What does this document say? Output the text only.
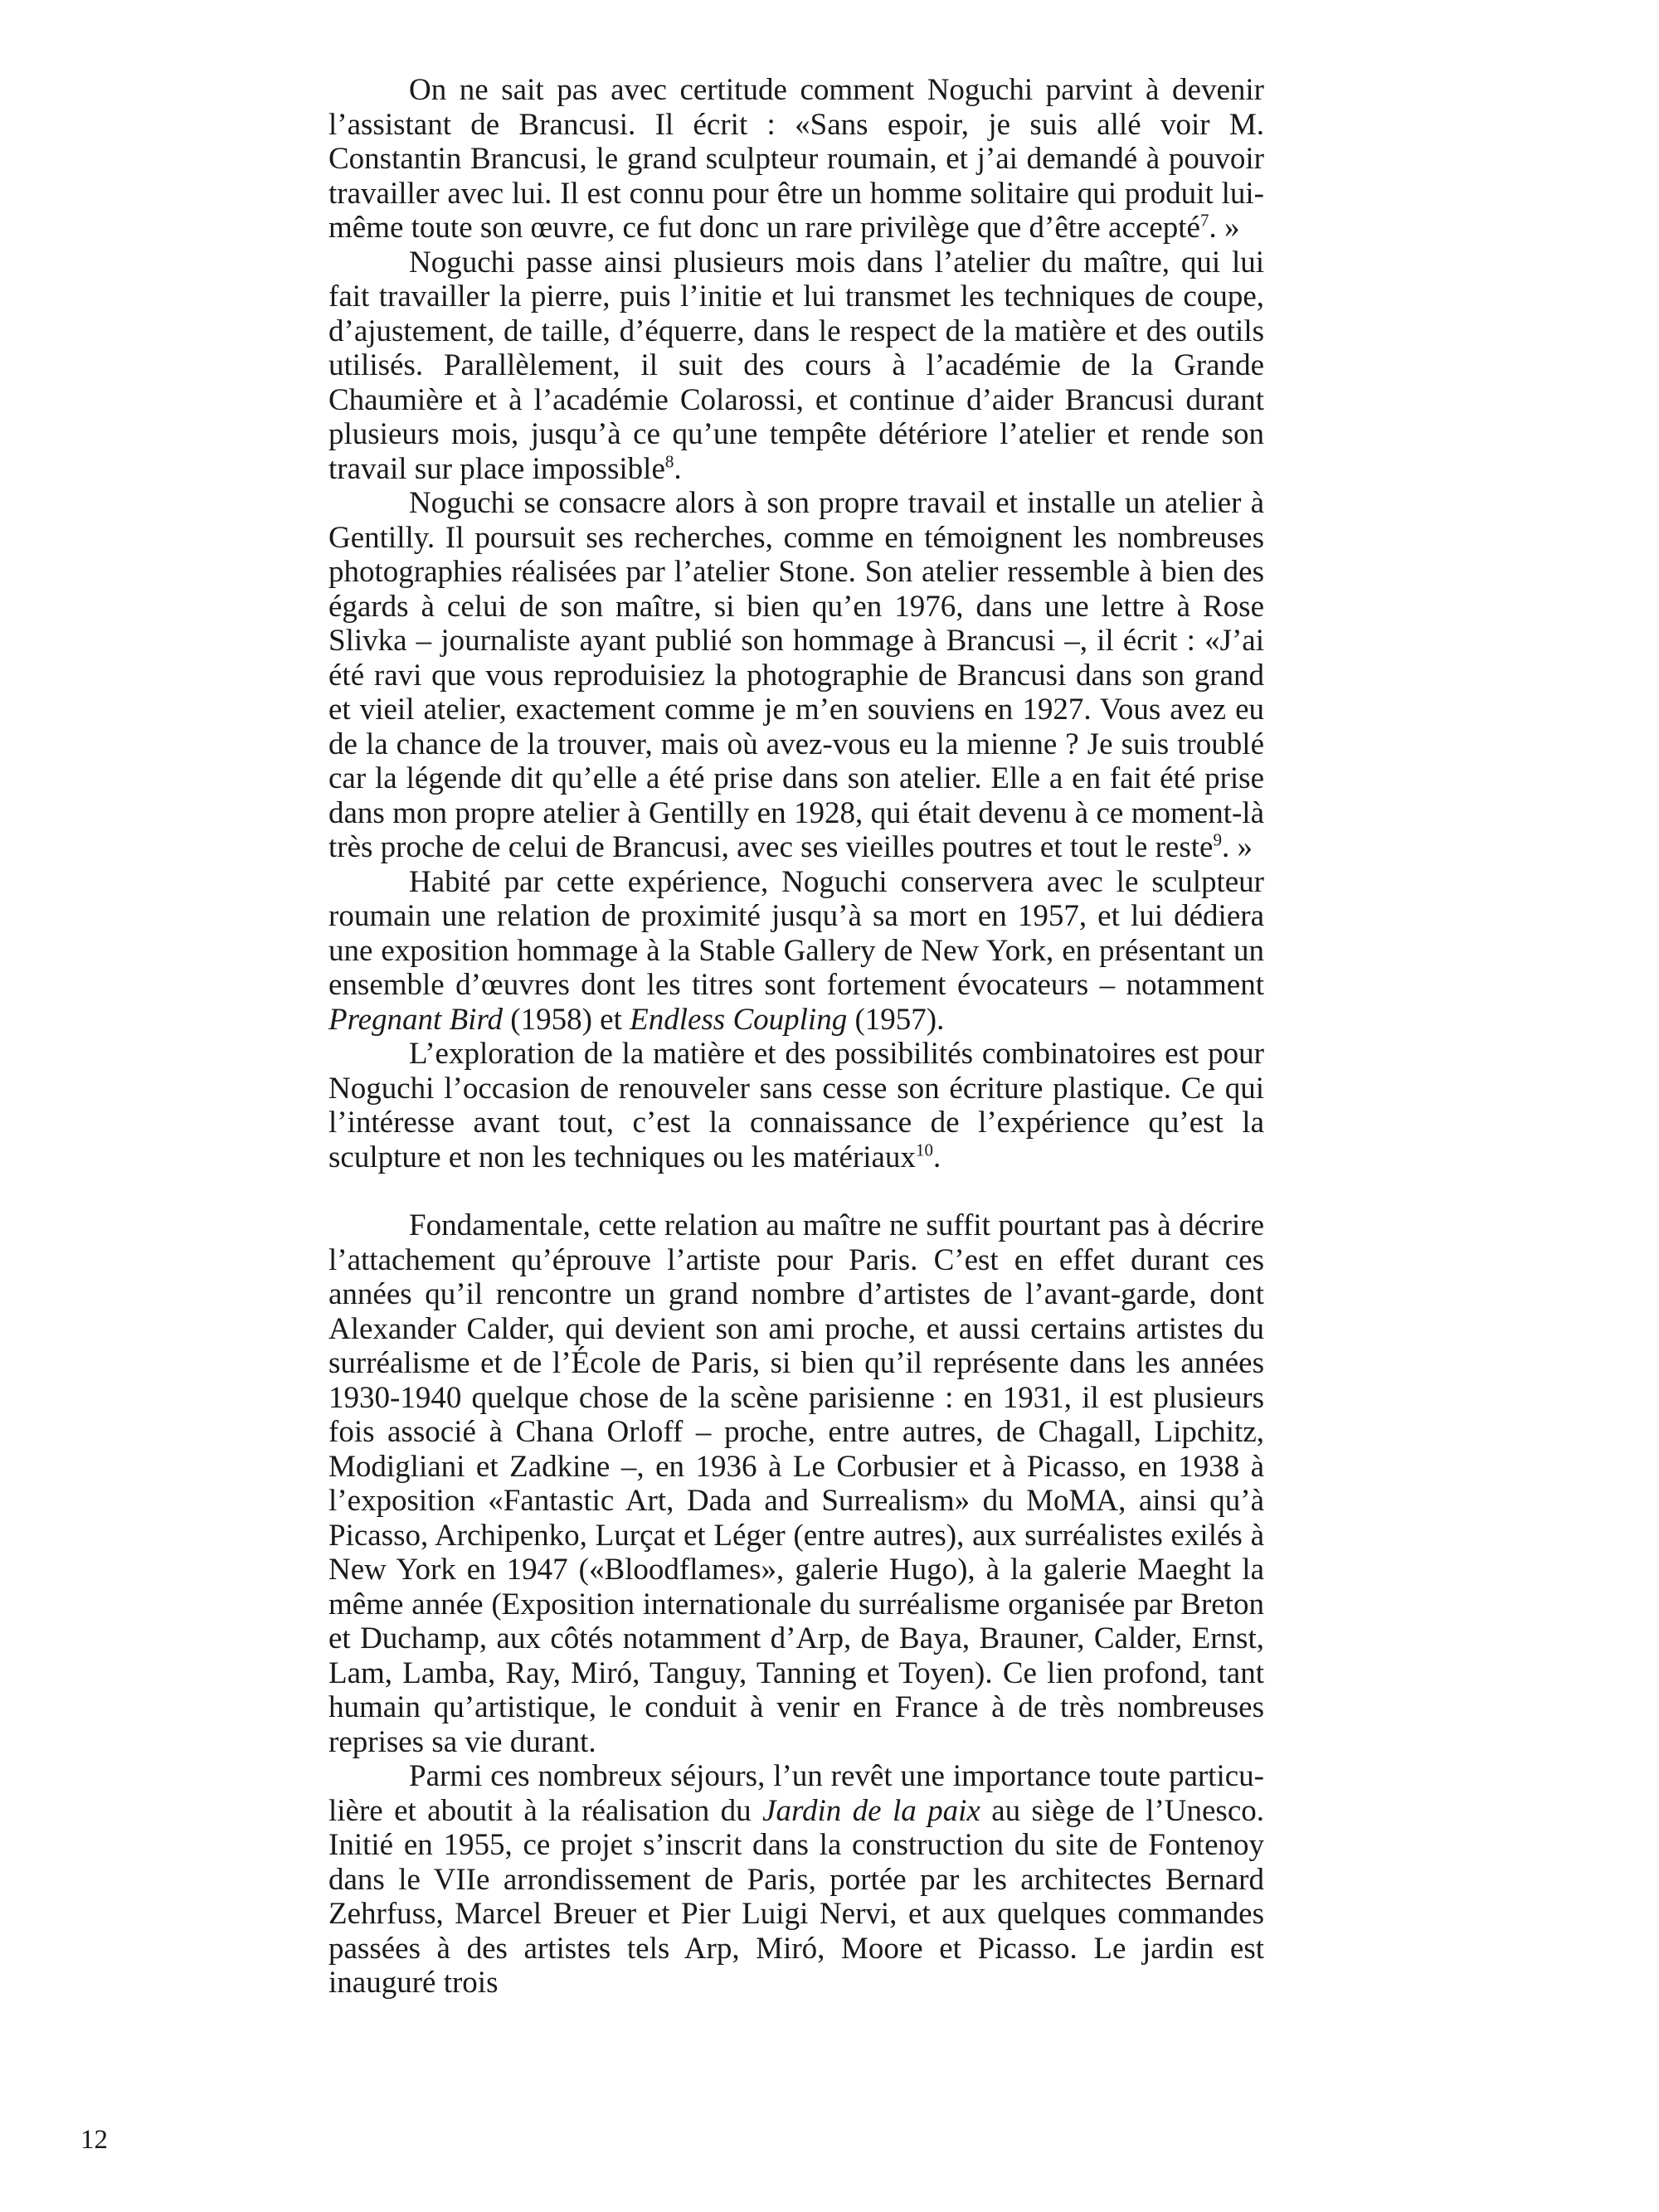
On ne sait pas avec certitude comment Noguchi parvint à devenir l’assistant de Brancusi. Il écrit : «Sans espoir, je suis allé voir M. Constantin Brancusi, le grand sculpteur roumain, et j’ai demandé à pouvoir travailler avec lui. Il est connu pour être un homme solitaire qui produit lui-même toute son œuvre, ce fut donc un rare privilège que d’être accepté$^7$. »

Noguchi passe ainsi plusieurs mois dans l’atelier du maître, qui lui fait travailler la pierre, puis l’initie et lui transmet les techniques de coupe, d’ajustement, de taille, d’équerre, dans le respect de la matière et des outils utilisés. Parallèlement, il suit des cours à l’académie de la Grande Chaumière et à l’académie Colarossi, et continue d’aider Brancusi durant plusieurs mois, jusqu’à ce qu’une tempête détériore l’atelier et rende son travail sur place impossible$^8$.

Noguchi se consacre alors à son propre travail et installe un atelier à Gentilly. Il poursuit ses recherches, comme en témoignent les nombreuses photographies réalisées par l’atelier Stone. Son atelier ressemble à bien des égards à celui de son maître, si bien qu’en 1976, dans une lettre à Rose Slivka – journaliste ayant publié son hommage à Brancusi –, il écrit : «J’ai été ravi que vous reproduisiez la photographie de Brancusi dans son grand et vieil atelier, exactement comme je m’en souviens en 1927. Vous avez eu de la chance de la trouver, mais où avez-vous eu la mienne ? Je suis troublé car la légende dit qu’elle a été prise dans son atelier. Elle a en fait été prise dans mon propre atelier à Gentilly en 1928, qui était devenu à ce moment-là très proche de celui de Brancusi, avec ses vieilles poutres et tout le reste$^9$. »

Habité par cette expérience, Noguchi conservera avec le sculpteur roumain une relation de proximité jusqu’à sa mort en 1957, et lui dédiera une exposition hommage à la Stable Gallery de New York, en présentant un ensemble d’œuvres dont les titres sont fortement évocateurs – notamment Pregnant Bird (1958) et Endless Coupling (1957).

L’exploration de la matière et des possibilités combinatoires est pour Noguchi l’occasion de renouveler sans cesse son écriture plastique. Ce qui l’intéresse avant tout, c’est la connaissance de l’expérience qu’est la sculpture et non les techniques ou les matériaux$^{10}$.

Fondamentale, cette relation au maître ne suffit pourtant pas à décrire l’attachement qu’éprouve l’artiste pour Paris. C’est en effet durant ces années qu’il rencontre un grand nombre d’artistes de l’avant-garde, dont Alexander Calder, qui devient son ami proche, et aussi certains artistes du surréalisme et de l’École de Paris, si bien qu’il représente dans les années 1930-1940 quelque chose de la scène parisienne : en 1931, il est plusieurs fois associé à Chana Orloff – proche, entre autres, de Chagall, Lipchitz, Modigliani et Zadkine –, en 1936 à Le Corbusier et à Picasso, en 1938 à l’exposition «Fantastic Art, Dada and Surrealism» du MoMA, ainsi qu’à Picasso, Archipenko, Lurçat et Léger (entre autres), aux surréalistes exilés à New York en 1947 («Bloodflames», galerie Hugo), à la galerie Maeght la même année (Exposition internationale du surréalisme organisée par Breton et Duchamp, aux côtés notamment d’Arp, de Baya, Brauner, Calder, Ernst, Lam, Lamba, Ray, Miró, Tanguy, Tanning et Toyen). Ce lien profond, tant humain qu’artistique, le conduit à venir en France à de très nombreuses reprises sa vie durant.

Parmi ces nombreux séjours, l’un revêt une importance toute particulière et aboutit à la réalisation du Jardin de la paix au siège de l’Unesco. Initié en 1955, ce projet s’inscrit dans la construction du site de Fontenoy dans le VIIe arrondissement de Paris, portée par les architectes Bernard Zehrfuss, Marcel Breuer et Pier Luigi Nervi, et aux quelques commandes passées à des artistes tels Arp, Miró, Moore et Picasso. Le jardin est inauguré trois

12
